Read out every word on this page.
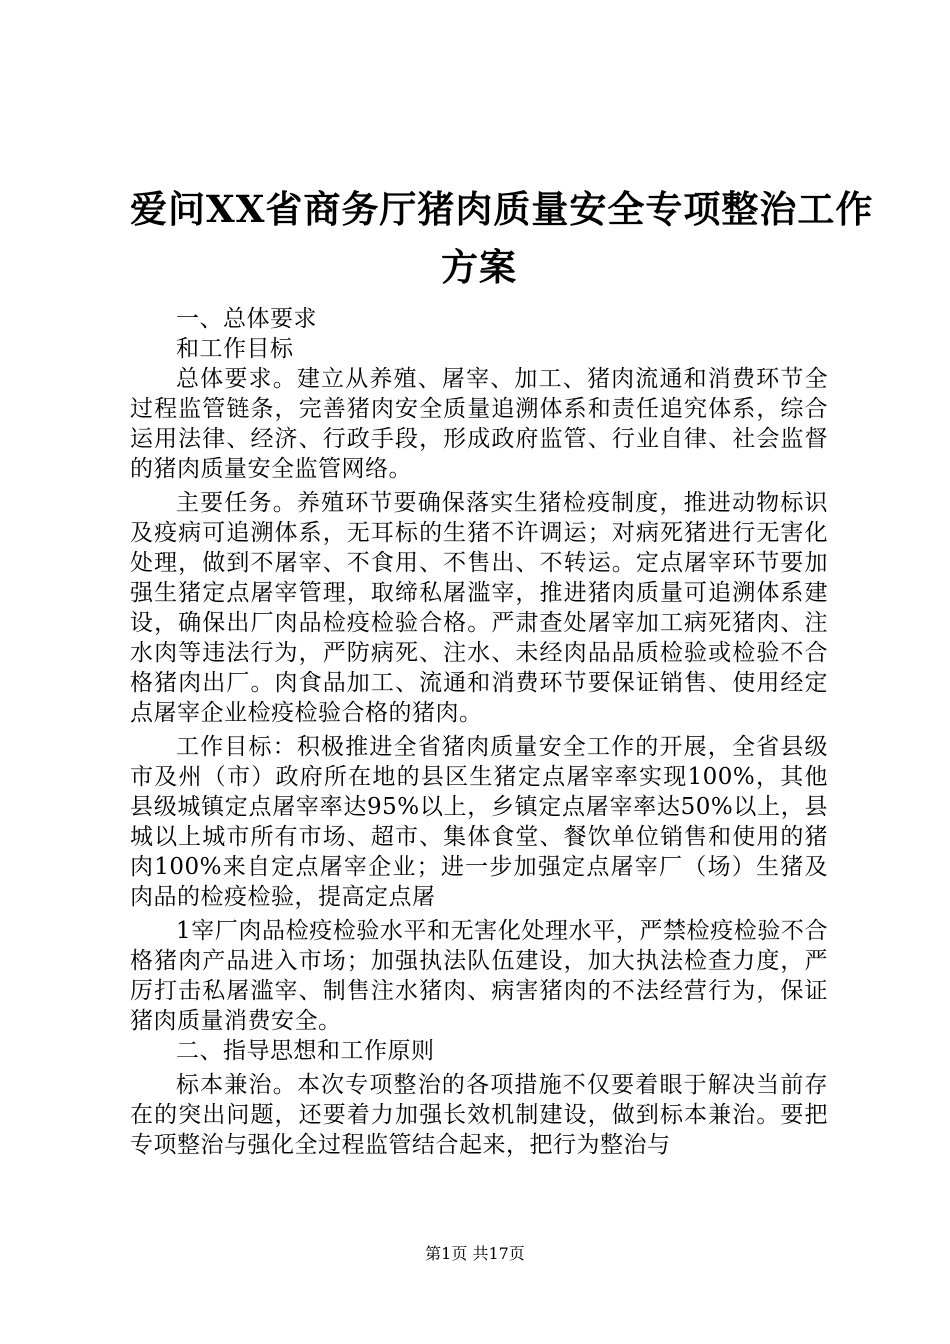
爱问XX省商务厅猪肉质量安全专项整治工作
方案

一、总体要求

和工作目标

总体要求。建立从养殖、屠宰、加工、猪肉流通和消费环节全过程监管链条，完善猪肉安全质量追溯体系和责任追究体系，综合运用法律、经济、行政手段，形成政府监管、行业自律、社会监督的猪肉质量安全监管网络。

主要任务。养殖环节要确保落实生猪检疫制度，推进动物标识及疫病可追溯体系，无耳标的生猪不许调运；对病死猪进行无害化处理，做到不屠宰、不食用、不售出、不转运。定点屠宰环节要加强生猪定点屠宰管理，取缔私屠滥宰，推进猪肉质量可追溯体系建设，确保出厂肉品检疫检验合格。严肃查处屠宰加工病死猪肉、注水肉等违法行为，严防病死、注水、未经肉品品质检验或检验不合格猪肉出厂。肉食品加工、流通和消费环节要保证销售、使用经定点屠宰企业检疫检验合格的猪肉。

工作目标：积极推进全省猪肉质量安全工作的开展，全省县级市及州（市）政府所在地的县区生猪定点屠宰率实现100%，其他县级城镇定点屠宰率达95%以上，乡镇定点屠宰率达50%以上，县城以上城市所有市场、超市、集体食堂、餐饮单位销售和使用的猪肉100%来自定点屠宰企业；进一步加强定点屠宰厂（场）生猪及肉品的检疫检验，提高定点屠

1宰厂肉品检疫检验水平和无害化处理水平，严禁检疫检验不合格猪肉产品进入市场；加强执法队伍建设，加大执法检查力度，严厉打击私屠滥宰、制售注水猪肉、病害猪肉的不法经营行为，保证猪肉质量消费安全。

二、指导思想和工作原则

标本兼治。本次专项整治的各项措施不仅要着眼于解决当前存在的突出问题，还要着力加强长效机制建设，做到标本兼治。要把专项整治与强化全过程监管结合起来，把行为整治与

第1页 共17页
